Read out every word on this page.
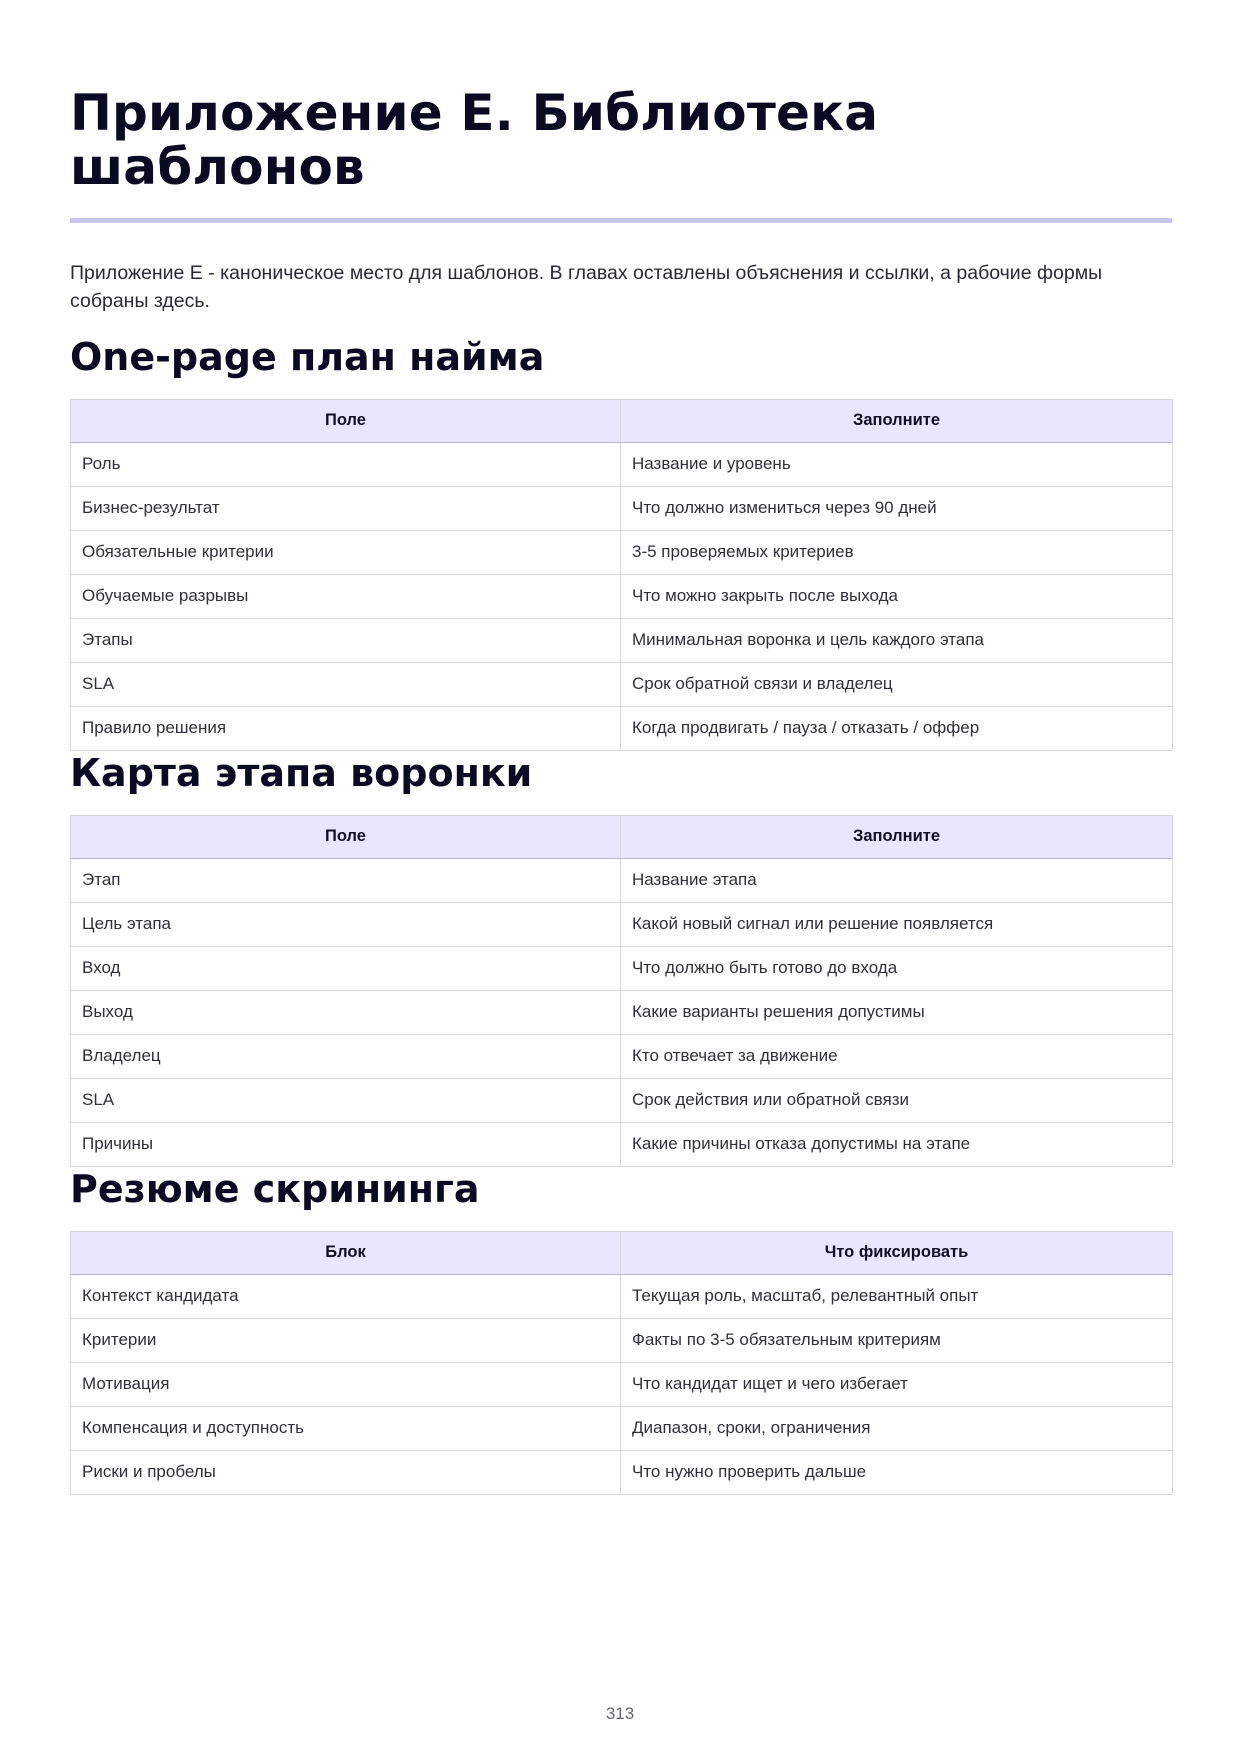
Приложение E. Библиотека шаблонов

Приложение E - каноническое место для шаблонов. В главах оставлены объяснения и ссылки, а рабочие формы собраны здесь.

One-page план найма
Поле	Заполните
Роль	Название и уровень
Бизнес-результат	Что должно измениться через 90 дней
Обязательные критерии	3-5 проверяемых критериев
Обучаемые разрывы	Что можно закрыть после выхода
Этапы	Минимальная воронка и цель каждого этапа
SLA	Срок обратной связи и владелец
Правило решения	Когда продвигать / пауза / отказать / оффер
Карта этапа воронки
Поле	Заполните
Этап	Название этапа
Цель этапа	Какой новый сигнал или решение появляется
Вход	Что должно быть готово до входа
Выход	Какие варианты решения допустимы
Владелец	Кто отвечает за движение
SLA	Срок действия или обратной связи
Причины	Какие причины отказа допустимы на этапе
Резюме скрининга
Блок	Что фиксировать
Контекст кандидата	Текущая роль, масштаб, релевантный опыт
Критерии	Факты по 3-5 обязательным критериям
Мотивация	Что кандидат ищет и чего избегает
Компенсация и доступность	Диапазон, сроки, ограничения
Риски и пробелы	Что нужно проверить дальше
313
